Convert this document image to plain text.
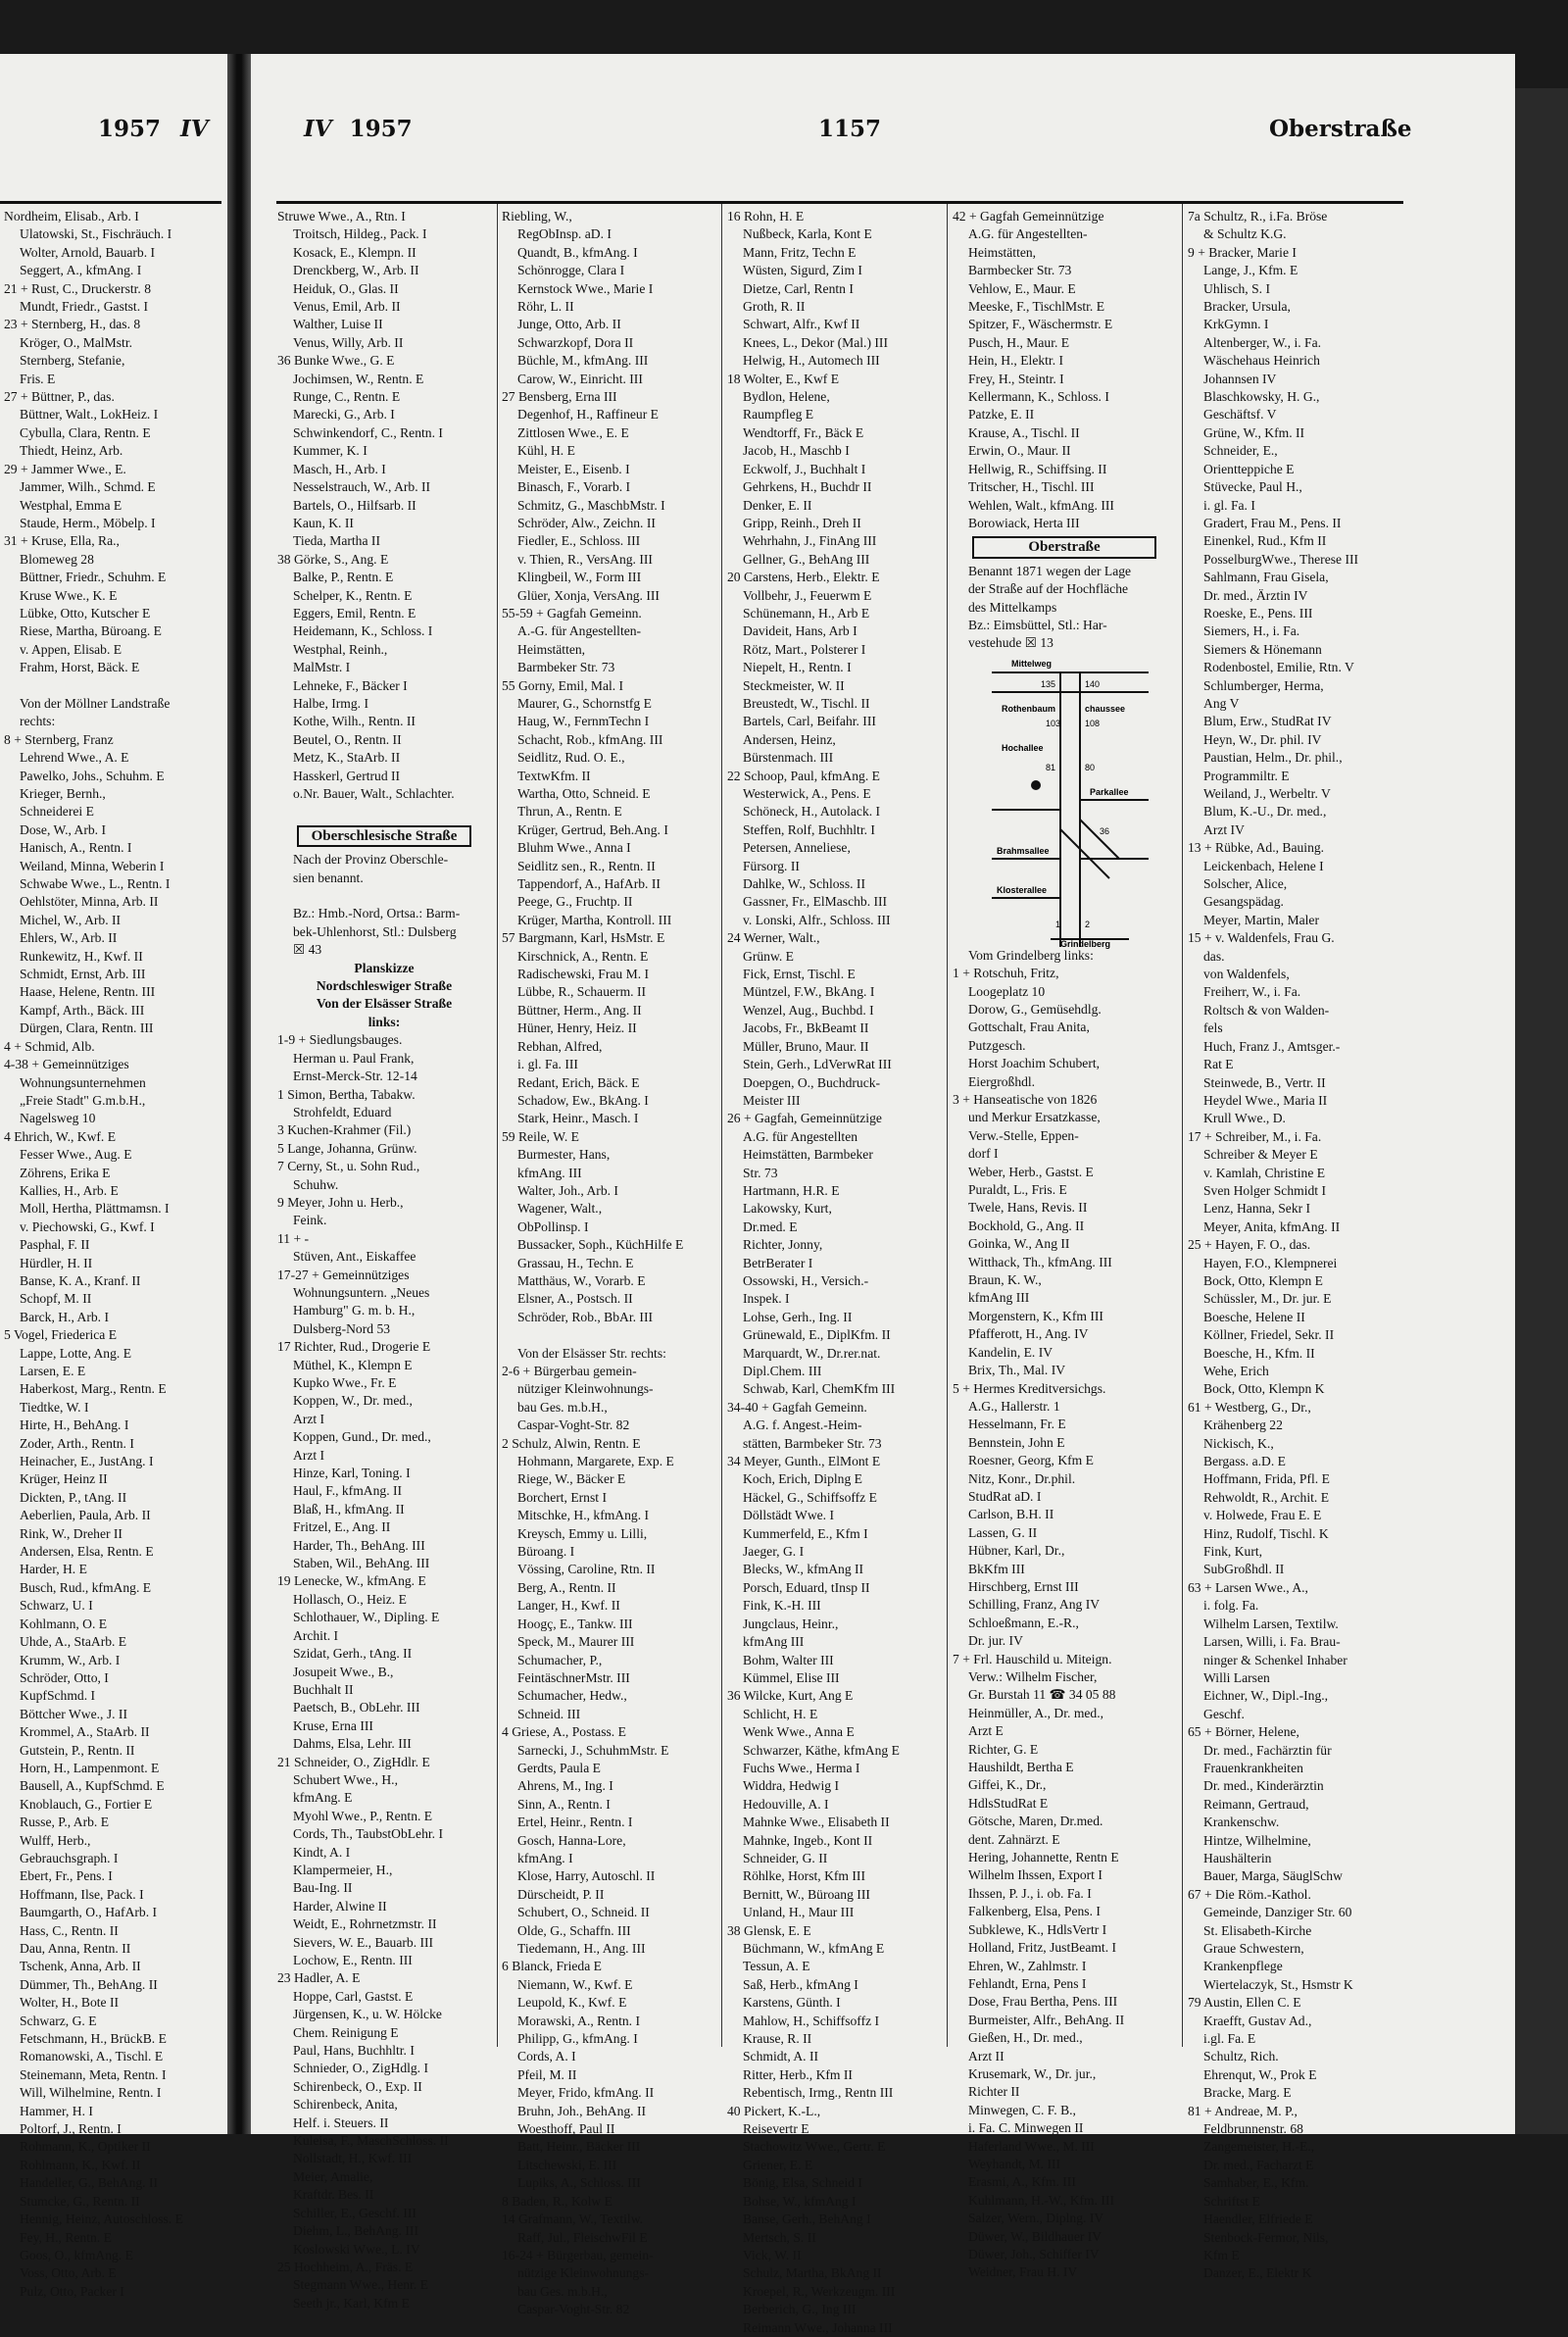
1957 IV	IV 1957	1157	Oberstraße
Nordheim, Elisab., Arb. I
Ulatowski, St., Fischräuch. I
Wolter, Arnold, Bauarb. I
Seggert, A., kfmAng. I
21 + Rust, C., Druckerstr. 8
Mundt, Friedr., Gastst. I
23 + Sternberg, H., das. 8
Kröger, O., MalMstr.
Sternberg, Stefanie,
Fris. E
27 + Büttner, P., das.
Büttner, Walt., LokHeiz. I
Cybulla, Clara, Rentn. E
Thiedt, Heinz, Arb.
29 + Jammer Wwe., E.
Jammer, Wilh., Schmd. E
Westphal, Emma E
Staude, Herm., Möbelp. I
31 + Kruse, Ella, Ra.,
Blomeweg 28
Büttner, Friedr., Schuhm. E
Kruse Wwe., K. E
Lübke, Otto, Kutscher E
Riese, Martha, Büroang. E
v. Appen, Elisab. E
Frahm, Horst, Bäck. E

Von der Möllner Landstraße
rechts:
8 + Sternberg, Franz
Lehrend Wwe., A. E
Pawelko, Johs., Schuhm. E
Krieger, Bernh.,
Schneiderei E
Dose, W., Arb. I
Hanisch, A., Rentn. I
Weiland, Minna, Weberin I
Schwabe Wwe., L., Rentn. I
Oehlstöter, Minna, Arb. II
Michel, W., Arb. II
Ehlers, W., Arb. II
Runkewitz, H., Kwf. II
Schmidt, Ernst, Arb. III
Haase, Helene, Rentn. III
Kampf, Arth., Bäck. III
Dürgen, Clara, Rentn. III
4 + Schmid, Alb.
4-38 + Gemeinnütziges
Wohnungsunternehmen
„Freie Stadt" G.m.b.H.,
Nagelsweg 10
4 Ehrich, W., Kwf. E
Fesser Wwe., Aug. E
Zöhrens, Erika E
Kallies, H., Arb. E
Moll, Hertha, Plättmamsn. I
v. Piechowski, G., Kwf. I
Pasphal, F. II
Hürdler, H. II
Banse, K. A., Kranf. II
Schopf, M. II
Barck, H., Arb. I
5 Vogel, Friederica E
Lappe, Lotte, Ang. E
Larsen, E. E
Haberkost, Marg., Rentn. E
Tiedtke, W. I
Hirte, H., BehAng. I
Zoder, Arth., Rentn. I
Heinacher, E., JustAng. I
Krüger, Heinz II
Dickten, P., tAng. II
Aeberlien, Paula, Arb. II
Rink, W., Dreher II
Andersen, Elsa, Rentn. E
Harder, H. E
Busch, Rud., kfmAng. E
Schwarz, U. I
Kohlmann, O. E
Uhde, A., StaArb. E
Krumm, W., Arb. I
Schröder, Otto, I
KupfSchmd. I
Böttcher Wwe., J. II
Krommel, A., StaArb. II
Gutstein, P., Rentn. II
Horn, H., Lampenmont. E
Bausell, A., KupfSchmd. E
Knoblauch, G., Fortier E
Russe, P., Arb. E
Wulff, Herb.,
Gebrauchsgraph. I
Ebert, Fr., Pens. I
Hoffmann, Ilse, Pack. I
Baumgarth, O., HafArb. I
Hass, C., Rentn. II
Dau, Anna, Rentn. II
Tschenk, Anna, Arb. II
Dümmer, Th., BehAng. II
Wolter, H., Bote II
Schwarz, G. E
Fetschmann, H., BrückB. E
Romanowski, A., Tischl. E
Steinemann, Meta, Rentn. I
Will, Wilhelmine, Rentn. I
Hammer, H. I
Poltorf, J., Rentn. I
Rohmann, K., Optiker II
Rohlmann, K., Kwf. II
Handeller, G., BehAng. II
Stumcke, G., Rentn. II
Hennig, Heinz, Autoschloss. E
Fey, H., Rentn. E
Goos, O., kfmAng. E
Voss, Otto, Arb. E
Pulz, Otto, Packer I
Struwe Wwe., A., Rtn. I
Troitsch, Hildeg., Pack. I
Kosack, E., Klempn. II
Drenckberg, W., Arb. II
Heiduk, O., Glas. II
Venus, Emil, Arb. II
Walther, Luise II
Venus, Willy, Arb. II
36 Bunke Wwe., G. E
Jochimsen, W., Rentn. E
Runge, C., Rentn. E
Marecki, G., Arb. I
Schwinkendorf, C., Rentn. I
Kummer, K. I
Masch, H., Arb. I
Nesselstrauch, W., Arb. II
Bartels, O., Hilfsarb. II
Kaun, K. II
Tieda, Martha II
38 Görke, S., Ang. E
Balke, P., Rentn. E
Schelper, K., Rentn. E
Eggers, Emil, Rentn. E
Heidemann, K., Schloss. I
Westphal, Reinh.,
MalMstr. I
Lehneke, F., Bäcker I
Halbe, Irmg. I
Kothe, Wilh., Rentn. II
Beutel, O., Rentn. II
Metz, K., StaArb. II
Hasskerl, Gertrud II
o.Nr. Bauer, Walt., Schlachter.

Oberschlesische Straße
Nach der Provinz Oberschle-
sien benannt.

Bz.: Hmb.-Nord, Ortsa.: Barm-
bek-Uhlenhorst, Stl.: Dulsberg
☒ 43
Planskizze
Nordschleswiger Straße
Von der Elsässer Straße
links:
1-9 + Siedlungsbauges.
Herman u. Paul Frank,
Ernst-Merck-Str. 12-14
1 Simon, Bertha, Tabakw.
Strohfeldt, Eduard
3 Kuchen-Krahmer (Fil.)
5 Lange, Johanna, Grünw.
7 Cerny, St., u. Sohn Rud.,
Schuhw.
9 Meyer, John u. Herb.,
Feink.
11 + -
Stüven, Ant., Eiskaffee
17-27 + Gemeinnütziges
Wohnungsuntern. „Neues
Hamburg" G. m. b. H.,
Dulsberg-Nord 53
17 Richter, Rud., Drogerie E
Müthel, K., Klempn E
Kupko Wwe., Fr. E
Koppen, W., Dr. med.,
Arzt I
Koppen, Gund., Dr. med.,
Arzt I
Hinze, Karl, Toning. I
Haul, F., kfmAng. II
Blaß, H., kfmAng. II
Fritzel, E., Ang. II
Harder, Th., BehAng. III
Staben, Wil., BehAng. III
19 Lenecke, W., kfmAng. E
Hollasch, O., Heiz. E
Schlothauer, W., Dipling. E
Archit. I
Szidat, Gerh., tAng. II
Josupeit Wwe., B.,
Buchhalt II
Paetsch, B., ObLehr. III
Kruse, Erna III
Dahms, Elsa, Lehr. III
21 Schneider, O., ZigHdlr. E
Schubert Wwe., H.,
kfmAng. E
Myohl Wwe., P., Rentn. E
Cords, Th., TaubstObLehr. I
Kindt, A. I
Klampermeier, H.,
Bau-Ing. II
Harder, Alwine II
Weidt, E., Rohrnetzmstr. II
Sievers, W. E., Bauarb. III
Lochow, E., Rentn. III
23 Hadler, A. E
Hoppe, Carl, Gastst. E
Jürgensen, K., u. W. Hölcke
Chem. Reinigung E
Paul, Hans, Buchhltr. I
Schnieder, O., ZigHdlg. I
Schirenbeck, O., Exp. II
Schirenbeck, Anita,
Helf. i. Steuers. II
Kuleisa, F., MaschSchloss. II
Nollstadt, H., Kwf. III
Meier, Amalie,
Kraftdr. Bes. II
Schiller, E., Geschf. III
Diehm, L., BehAng. III
Koslowski Wwe., L. IV
25 Hochheim, A., Fräs. E
Stegmann Wwe., Henr. E
Seeth jr., Karl, Kfm E
Riebling, W.,
RegObInsp. aD. I
Quandt, B., kfmAng. I
Schönrogge, Clara I
Kernstock Wwe., Marie I
Röhr, L. II
Junge, Otto, Arb. II
Schwarzkopf, Dora II
Büchle, M., kfmAng. III
Carow, W., Einricht. III
27 Bensberg, Erna III
Degenhof, H., Raffineur E
Zittlosen Wwe., E. E
Kühl, H. E
Meister, E., Eisenb. I
Binasch, F., Vorarb. I
Schmitz, G., MaschbMstr. I
Schröder, Alw., Zeichn. II
Fiedler, E., Schloss. III
v. Thien, R., VersAng. III
Klingbeil, W., Form III
Glüer, Xonja, VersAng. III
55-59 + Gagfah Gemeinn.
A.-G. für Angestellten-
Heimstätten,
Barmbeker Str. 73
55 Gorny, Emil, Mal. I
Maurer, G., Schornstfg E
Haug, W., FernmTechn I
Schacht, Rob., kfmAng. III
Seidlitz, Rud. O. E.,
TextwKfm. II
Wartha, Otto, Schneid. E
Thrun, A., Rentn. E
Krüger, Gertrud, Beh.Ang. I
Bluhm Wwe., Anna I
Seidlitz sen., R., Rentn. II
Tappendorf, A., HafArb. II
Peege, G., Fruchtp. II
Krüger, Martha, Kontroll. III
57 Bargmann, Karl, HsMstr. E
Kirschnick, A., Rentn. E
Radischewski, Frau M. I
Lübbe, R., Schauerm. II
Büttner, Herm., Ang. II
Hüner, Henry, Heiz. II
Rebhan, Alfred,
i. gl. Fa. III
Redant, Erich, Bäck. E
Schadow, Ew., BkAng. I
Stark, Heinr., Masch. I
59 Reile, W. E
Burmester, Hans,
kfmAng. III
Walter, Joh., Arb. I
Wagener, Walt.,
ObPollinsp. I
Bussacker, Soph., KüchHilfe E
Grassau, H., Techn. E
Matthäus, W., Vorarb. E
Elsner, A., Postsch. II
Schröder, Rob., BbAr. III

Von der Elsässer Str. rechts:
2-6 + Bürgerbau gemein-
nütziger Kleinwohnungs-
bau Ges. m.b.H.,
Caspar-Voght-Str. 82
2 Schulz, Alwin, Rentn. E
Hohmann, Margarete, Exp. E
Riege, W., Bäcker E
Borchert, Ernst I
Mitschke, H., kfmAng. I
Kreysch, Emmy u. Lilli,
Büroang. I
Vössing, Caroline, Rtn. II
Berg, A., Rentn. II
Langer, H., Kwf. II
Hoogç, E., Tankw. III
Speck, M., Maurer III
Schumacher, P.,
FeintäschnerMstr. III
Schumacher, Hedw.,
Schneid. III
4 Griese, A., Postass. E
Sarnecki, J., SchuhmMstr. E
Gerdts, Paula E
Ahrens, M., Ing. I
Sinn, A., Rentn. I
Ertel, Heinr., Rentn. I
Gosch, Hanna-Lore,
kfmAng. I
Klose, Harry, Autoschl. II
Dürscheidt, P. II
Schubert, O., Schneid. II
Olde, G., Schaffn. III
Tiedemann, H., Ang. III
6 Blanck, Frieda E
Niemann, W., Kwf. E
Leupold, K., Kwf. E
Morawski, A., Rentn. I
Philipp, G., kfmAng. I
Cords, A. I
Pfeil, M. II
Meyer, Frido, kfmAng. II
Bruhn, Joh., BehAng. II
Woesthoff, Paul II
Batt, Heinr., Bäcker III
Litschewski, E. III
Lupiks, A., Schloss. III
8 Baden, R., Kolw E
14 Grafmann, W., Textilw.
Raff, Jul., FleischwFil E
16-24 + Bürgerbau, gemein-
nützige Kleinwohnungs-
bau Ges. m.b.H.,
Caspar-Voght-Str. 82
16 Rohn, H. E
Nußbeck, Karla, Kont E
Mann, Fritz, Techn E
Wüsten, Sigurd, Zim I
Dietze, Carl, Rentn I
Groth, R. II
Schwart, Alfr., Kwf II
Knees, L., Dekor (Mal.) III
Helwig, H., Automech III
18 Wolter, E., Kwf E
Bydlon, Helene,
Raumpfleg E
Wendtorff, Fr., Bäck E
Jacob, H., Maschb I
Eckwolf, J., Buchhalt I
Gehrkens, H., Buchdr II
Denker, E. II
Gripp, Reinh., Dreh II
Wehrhahn, J., FinAng III
Gellner, G., BehAng III
20 Carstens, Herb., Elektr. E
Vollbehr, J., Feuerwm E
Schünemann, H., Arb E
Davideit, Hans, Arb I
Rötz, Mart., Polsterer I
Niepelt, H., Rentn. I
Steckmeister, W. II
Breustedt, W., Tischl. II
Bartels, Carl, Beifahr. III
Andersen, Heinz,
Bürstenmach. III
22 Schoop, Paul, kfmAng. E
Westerwick, A., Pens. E
Schöneck, H., Autolack. I
Steffen, Rolf, Buchhltr. I
Petersen, Anneliese,
Fürsorg. II
Dahlke, W., Schloss. II
Gassner, Fr., ElMaschb. III
v. Lonski, Alfr., Schloss. III
24 Werner, Walt.,
Grünw. E
Fick, Ernst, Tischl. E
Müntzel, F.W., BkAng. I
Wenzel, Aug., Buchbd. I
Jacobs, Fr., BkBeamt II
Müller, Bruno, Maur. II
Stein, Gerh., LdVerwRat III
Doepgen, O., Buchdruck-
Meister III
26 + Gagfah, Gemeinnützige
A.G. für Angestellten
Heimstätten, Barmbeker
Str. 73
Hartmann, H.R. E
Lakowsky, Kurt,
Dr.med. E
Richter, Jonny,
BetrBerater I
Ossowski, H., Versich.-
Inspek. I
Lohse, Gerh., Ing. II
Grünewald, E., DiplKfm. II
Marquardt, W., Dr.rer.nat.
Dipl.Chem. III
Schwab, Karl, ChemKfm III
34-40 + Gagfah Gemeinn.
A.G. f. Angest.-Heim-
stätten, Barmbeker Str. 73
34 Meyer, Gunth., ElMont E
Koch, Erich, Diplng E
Häckel, G., Schiffsoffz E
Döllstädt Wwe. I
Kummerfeld, E., Kfm I
Jaeger, G. I
Blecks, W., kfmAng II
Porsch, Eduard, tInsp II
Fink, K.-H. III
Jungclaus, Heinr.,
kfmAng III
Bohm, Walter III
Kümmel, Elise III
36 Wilcke, Kurt, Ang E
Schlicht, H. E
Wenk Wwe., Anna E
Schwarzer, Käthe, kfmAng E
Fuchs Wwe., Herma I
Widdra, Hedwig I
Hedouville, A. I
Mahnke Wwe., Elisabeth II
Mahnke, Ingeb., Kont II
Schneider, G. II
Röhlke, Horst, Kfm III
Bernitt, W., Büroang III
Unland, H., Maur III
38 Glensk, E. E
Büchmann, W., kfmAng E
Tessun, A. E
Saß, Herb., kfmAng I
Karstens, Günth. I
Mahlow, H., Schiffsoffz I
Krause, R. II
Schmidt, A. II
Ritter, Herb., Kfm II
Rebentisch, Irmg., Rentn III
40 Pickert, K.-L.,
Reisevertr E
Stachowitz Wwe., Gertr. E
Griener, E. E
Bönig, Elsa, Schneid I
Bohse, W., kfmAng I
Banse, Gerh., BehAng I
Mertsch, S. II
Vick, W. II
Schulz, Martha, BkAng II
Kroepel, R., Werkzeugm. III
Berberich, G., Ing III
Reimann Wwe., Johanna III
42 + Gagfah Gemeinnützige
A.G. für Angestellten-
Heimstätten,
Barmbecker Str. 73
Vehlow, E., Maur. E
Meeske, F., TischlMstr. E
Spitzer, F., Wäschermstr. E
Pusch, H., Maur. E
Hein, H., Elektr. I
Frey, H., Steintr. I
Kellermann, K., Schloss. I
Patzke, E. II
Krause, A., Tischl. II
Erwin, O., Maur. II
Hellwig, R., Schiffsing. II
Tritscher, H., Tischl. III
Wehlen, Walt., kfmAng. III
Borowiack, Herta III
Oberstraße
Benannt 1871 wegen der Lage
der Straße auf der Hochfläche
des Mittelkamps
Bz.: Eimsbüttel, Stl.: Har-
vestehude ☒ 13
Mittelweg
Rothenbaum	chaussee
Hochallee
Parkallee
Brahmsallee
Klosterallee
Grindelberg
135	140
103	108
81	80
36
1	2
Vom Grindelberg links:
1 + Rotschuh, Fritz,
Loogeplatz 10
Dorow, G., Gemüsehdlg.
Gottschalt, Frau Anita,
Putzgesch.
Horst Joachim Schubert,
Eiergroßhdl.
3 + Hanseatische von 1826
und Merkur Ersatzkasse,
Verw.-Stelle, Eppen-
dorf I
Weber, Herb., Gastst. E
Puraldt, L., Fris. E
Twele, Hans, Revis. II
Bockhold, G., Ang. II
Goinka, W., Ang II
Witthack, Th., kfmAng. III
Braun, K. W.,
kfmAng III
Morgenstern, K., Kfm III
Pfafferott, H., Ang. IV
Kandelin, E. IV
Brix, Th., Mal. IV
5 + Hermes Kreditversichgs.
A.G., Hallerstr. 1
Hesselmann, Fr. E
Bennstein, John E
Roesner, Georg, Kfm E
Nitz, Konr., Dr.phil.
StudRat aD. I
Carlson, B.H. II
Lassen, G. II
Hübner, Karl, Dr.,
BkKfm III
Hirschberg, Ernst III
Schilling, Franz, Ang IV
Schloeßmann, E.-R.,
Dr. jur. IV
7 + Frl. Hauschild u. Miteign.
Verw.: Wilhelm Fischer,
Gr. Burstah 11 ☎ 34 05 88
Heinmüller, A., Dr. med.,
Arzt E
Richter, G. E
Haushildt, Bertha E
Giffei, K., Dr.,
HdlsStudRat E
Götsche, Maren, Dr.med.
dent. Zahnärzt. E
Hering, Johannette, Rentn E
Wilhelm Ihssen, Export I
Ihssen, P. J., i. ob. Fa. I
Falkenberg, Elsa, Pens. I
Subklewe, K., HdlsVertr I
Holland, Fritz, JustBeamt. I
Ehren, W., Zahlmstr. I
Fehlandt, Erna, Pens I
Dose, Frau Bertha, Pens. III
Burmeister, Alfr., BehAng. II
Gießen, H., Dr. med.,
Arzt II
Krusemark, W., Dr. jur.,
Richter II
Minwegen, C. F. B.,
i. Fa. C. Minwegen II
Haferland Wwe., M. III
Weyhandt, M. III
Erasmi, A., Kfm. III
Kuhlmann, H.-W., Kfm. III
Salzer, Wern., Diplng. IV
Düwer, W., Bildhauer IV
Düwer, Joh., Schiffer IV
Weidner, Frau H. IV
7a Schultz, R., i.Fa. Bröse
& Schultz K.G.
9 + Bracker, Marie I
Lange, J., Kfm. E
Uhlisch, S. I
Bracker, Ursula,
KrkGymn. I
Altenberger, W., i. Fa.
Wäschehaus Heinrich
Johannsen IV
Blaschkowsky, H. G.,
Geschäftsf. V
Grüne, W., Kfm. II
Schneider, E.,
Orientteppiche E
Stüvecke, Paul H.,
i. gl. Fa. I
Gradert, Frau M., Pens. II
Einenkel, Rud., Kfm II
PosselburgWwe., Therese III
Sahlmann, Frau Gisela,
Dr. med., Ärztin IV
Roeske, E., Pens. III
Siemers, H., i. Fa.
Siemers & Hönemann
Rodenbostel, Emilie, Rtn. V
Schlumberger, Herma,
Ang V
Blum, Erw., StudRat IV
Heyn, W., Dr. phil. IV
Paustian, Helm., Dr. phil.,
Programmiltr. E
Weiland, J., Werbeltr. V
Blum, K.-U., Dr. med.,
Arzt IV
13 + Rübke, Ad., Bauing.
Leickenbach, Helene I
Solscher, Alice,
Gesangspädag.
Meyer, Martin, Maler
15 + v. Waldenfels, Frau G.
das.
von Waldenfels,
Freiherr, W., i. Fa.
Roltsch & von Walden-
fels
Huch, Franz J., Amtsger.-
Rat E
Steinwede, B., Vertr. II
Heydel Wwe., Maria II
Krull Wwe., D.
17 + Schreiber, M., i. Fa.
Schreiber & Meyer E
v. Kamlah, Christine E
Sven Holger Schmidt I
Lenz, Hanna, Sekr I
Meyer, Anita, kfmAng. II
25 + Hayen, F. O., das.
Hayen, F.O., Klempnerei
Bock, Otto, Klempn E
Schüssler, M., Dr. jur. E
Boesche, Helene II
Köllner, Friedel, Sekr. II
Boesche, H., Kfm. II
Wehe, Erich
Bock, Otto, Klempn K
61 + Westberg, G., Dr.,
Krähenberg 22
Nickisch, K.,
Bergass. a.D. E
Hoffmann, Frida, Pfl. E
Rehwoldt, R., Archit. E
v. Holwede, Frau E. E
Hinz, Rudolf, Tischl. K
Fink, Kurt,
SubGroßhdl. II
63 + Larsen Wwe., A.,
i. folg. Fa.
Wilhelm Larsen, Textilw.
Larsen, Willi, i. Fa. Brau-
ninger & Schenkel Inhaber
Willi Larsen
Eichner, W., Dipl.-Ing.,
Geschf.
65 + Börner, Helene,
Dr. med., Fachärztin für
Frauenkrankheiten
Dr. med., Kinderärztin
Reimann, Gertraud,
Krankenschw.
Hintze, Wilhelmine,
Haushälterin
Bauer, Marga, SäuglSchw
67 + Die Röm.-Kathol.
Gemeinde, Danziger Str. 60
St. Elisabeth-Kirche
Graue Schwestern,
Krankenpflege
Wiertelaczyk, St., Hsmstr K
79 Austin, Ellen C. E
Kraefft, Gustav Ad.,
i.gl. Fa. E
Schultz, Rich.
Ehrenqut, W., Prok E
Bracke, Marg. E
81 + Andreae, M. P.,
Feldbrunnenstr. 68
Zangemeister, H.-E.,
Dr. med., Facharzt E
Samhaber, E., Kfm.
Schriftst E
Haendler, Elfriede E
Stenbock-Fermor, Nils,
Kfm E
Danzer, E., Elektr K
